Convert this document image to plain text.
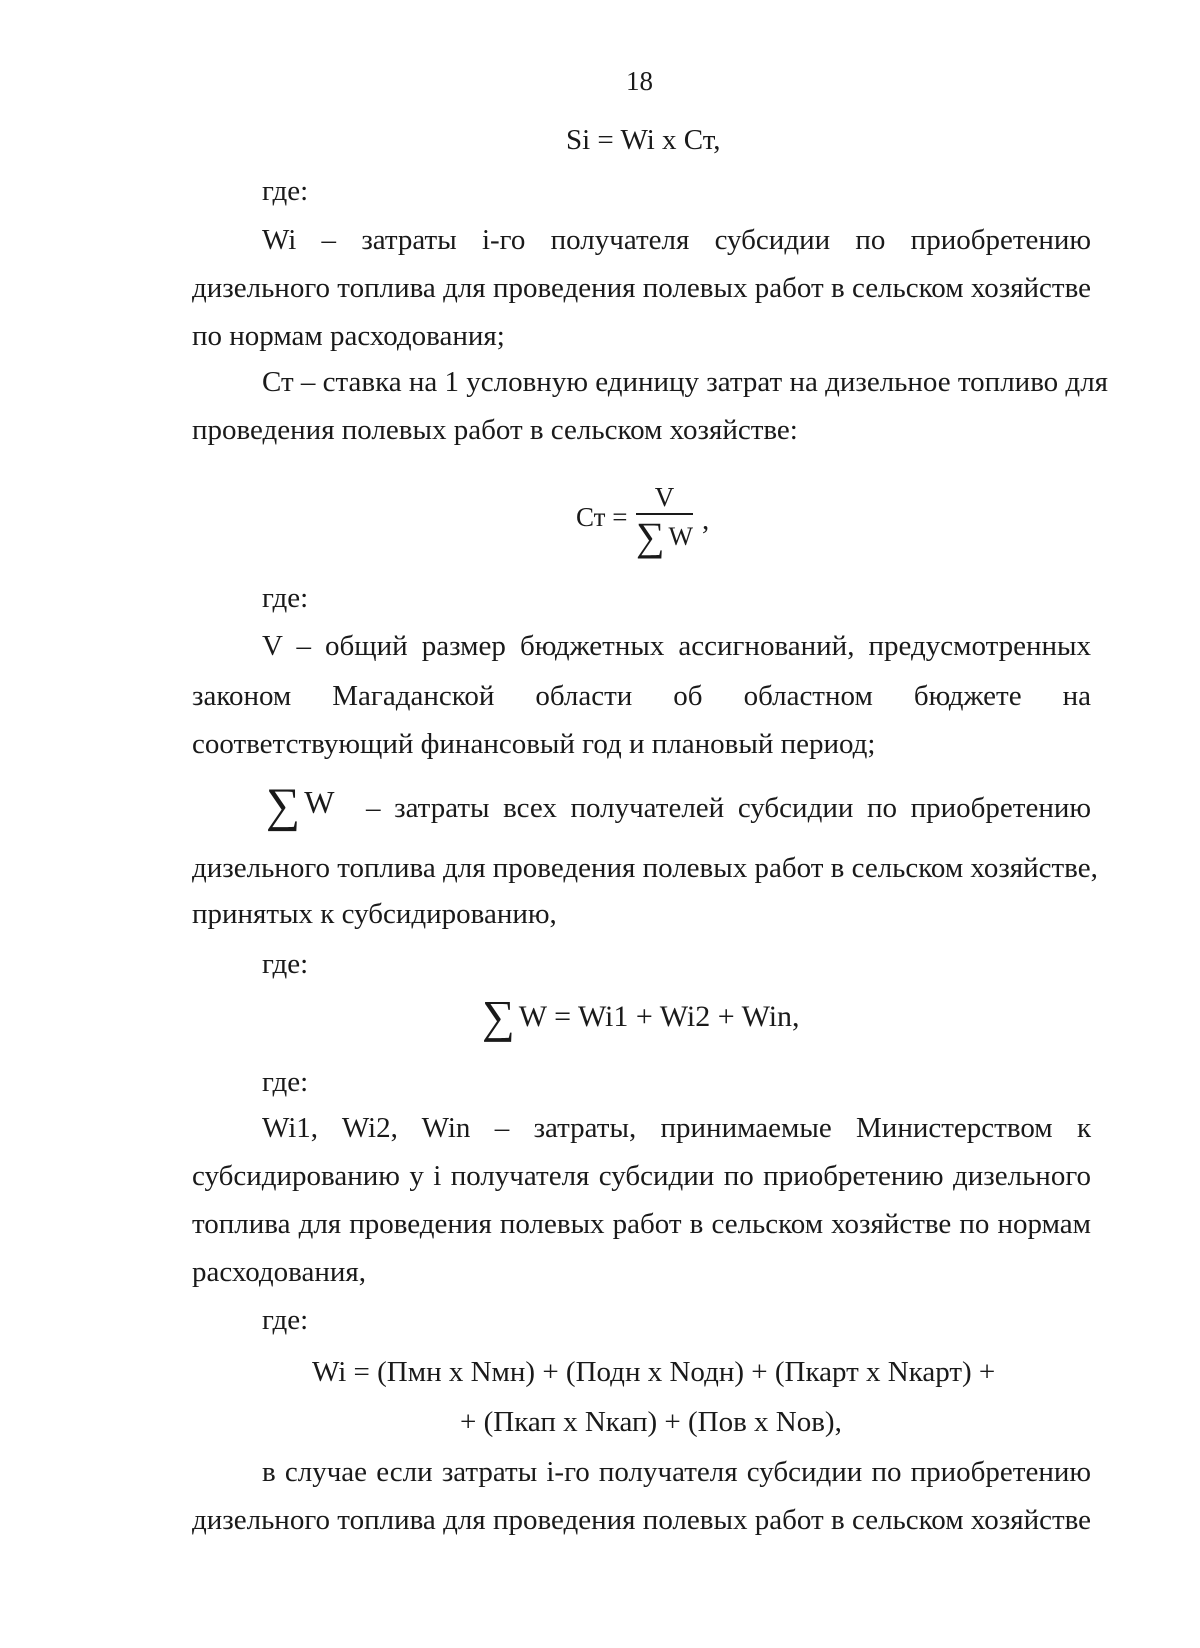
18
Si = Wi x Ст,
где:
Wi – затраты i-го получателя субсидии по приобретению
дизельного топлива для проведения полевых работ в сельском хозяйстве
по нормам расходования;
Ст – ставка на 1 условную единицу затрат на дизельное топливо для
проведения полевых работ в сельском хозяйстве:
Ст = $\frac{V}{\sum W}$ ,
где:
V – общий размер бюджетных ассигнований, предусмотренных
законом Магаданской области об областном бюджете на
соответствующий финансовый год и плановый период;
∑ W – затраты всех получателей субсидии по приобретению
дизельного топлива для проведения полевых работ в сельском хозяйстве,
принятых к субсидированию,
где:
∑ W = Wi1 + Wi2 + Win,
где:
Wi1, Wi2, Win – затраты, принимаемые Министерством к
субсидированию у i получателя субсидии по приобретению дизельного
топлива для проведения полевых работ в сельском хозяйстве по нормам
расходования,
где:
Wi = (Пмн x Nмн) + (Подн x Nодн) + (Пкарт x Nкарт) +
+ (Пкап x Nкап) + (Пов x Nов),
в случае если затраты i-го получателя субсидии по приобретению
дизельного топлива для проведения полевых работ в сельском хозяйстве
